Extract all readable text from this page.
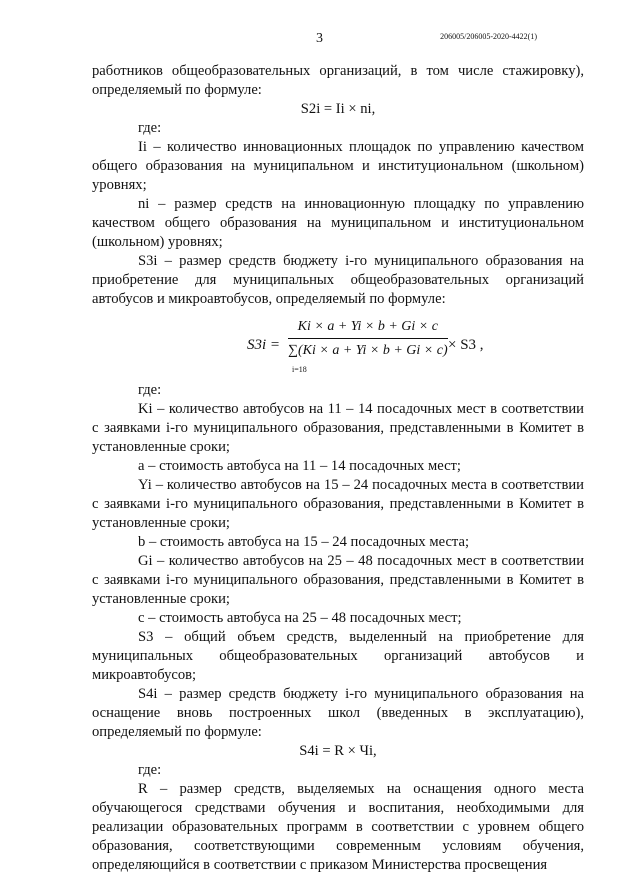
3	206005/206005-2020-4422(1)

работников общеобразовательных организаций, в том числе стажировку), определяемый по формуле:

S2i = Ii × ni,

где:

Ii – количество инновационных площадок по управлению качеством общего образования на муниципальном и институциональном (школьном) уровнях;

ni – размер средств на инновационную площадку по управлению качеством общего образования на муниципальном и институциональном (школьном) уровнях;

S3i – размер средств бюджету i-го муниципального образования на приобретение для муниципальных общеобразовательных организаций автобусов и микроавтобусов, определяемый по формуле:

S3i = Ki × a + Yi × b + Gi × c
∑(Ki × a + Yi × b + Gi × c)
i=18 × S3 ,

где:

Ki – количество автобусов на 11 – 14 посадочных мест в соответствии с заявками i-го муниципального образования, представленными в Комитет в установленные сроки;

a – стоимость автобуса на 11 – 14 посадочных мест;

Yi – количество автобусов на 15 – 24 посадочных места в соответствии с заявками i-го муниципального образования, представленными в Комитет в установленные сроки;

b – стоимость автобуса на 15 – 24 посадочных места;

Gi – количество автобусов на 25 – 48 посадочных мест в соответствии с заявками i-го муниципального образования, представленными в Комитет в установленные сроки;

c – стоимость автобуса на 25 – 48 посадочных мест;

S3 – общий объем средств, выделенный на приобретение для муниципальных общеобразовательных организаций автобусов и микроавтобусов;

S4i – размер средств бюджету i-го муниципального образования на оснащение вновь построенных школ (введенных в эксплуатацию), определяемый по формуле:

S4i = R × Чi,

где:

R – размер средств, выделяемых на оснащения одного места обучающегося средствами обучения и воспитания, необходимыми для реализации образовательных программ в соответствии с уровнем общего образования, соответствующими современным условиям обучения, определяющийся в соответствии с приказом Министерства просвещения
